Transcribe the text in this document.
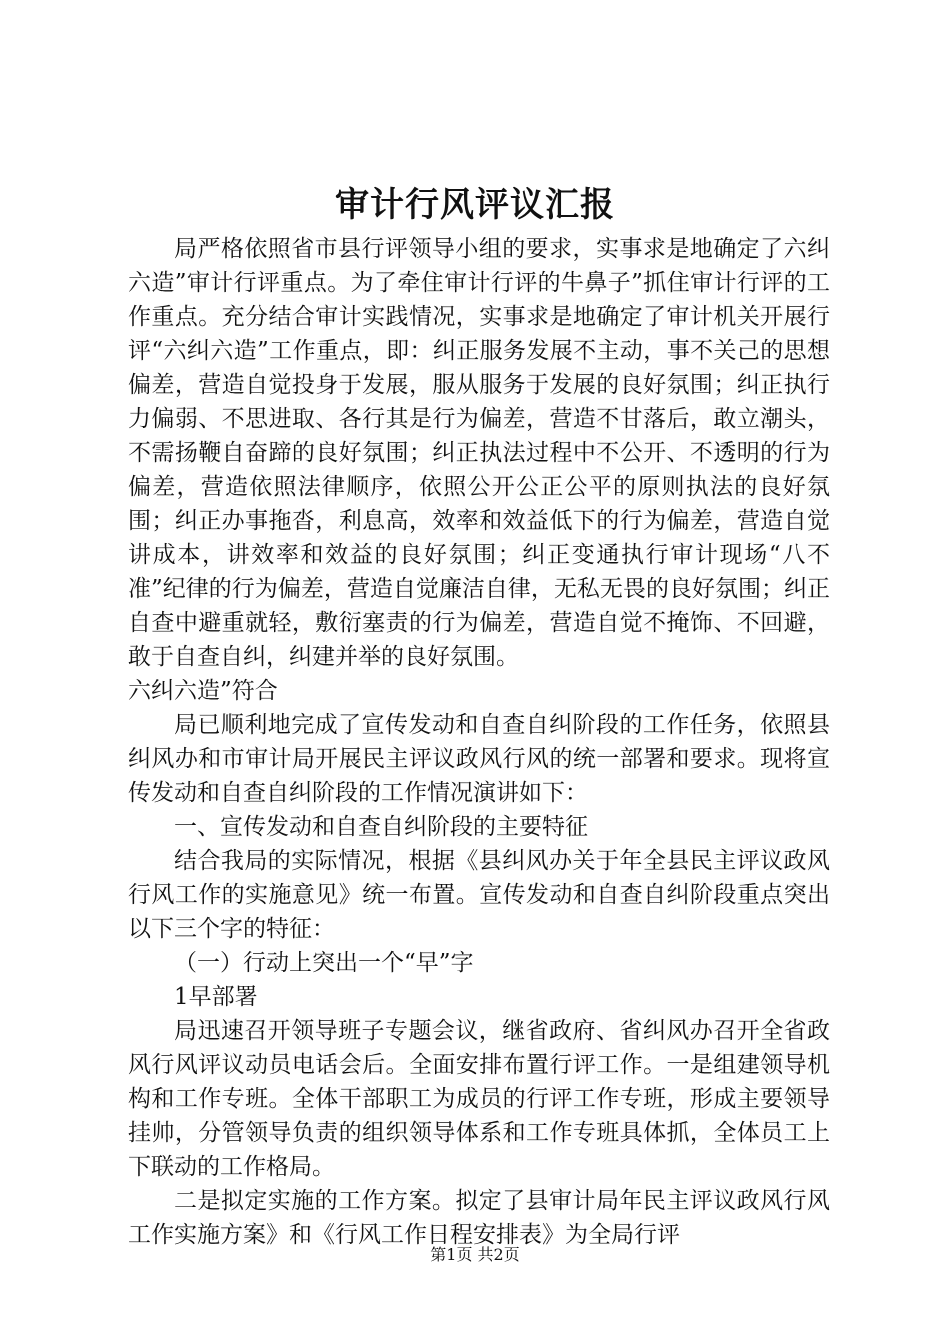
审计行风评议汇报

局严格依照省市县行评领导小组的要求，实事求是地确定了六纠六造”审计行评重点。为了牵住审计行评的牛鼻子”抓住审计行评的工作重点。充分结合审计实践情况，实事求是地确定了审计机关开展行评“六纠六造”工作重点，即：纠正服务发展不主动，事不关己的思想偏差，营造自觉投身于发展，服从服务于发展的良好氛围；纠正执行力偏弱、不思进取、各行其是行为偏差，营造不甘落后，敢立潮头，不需扬鞭自奋蹄的良好氛围；纠正执法过程中不公开、不透明的行为偏差，营造依照法律顺序，依照公开公正公平的原则执法的良好氛围；纠正办事拖沓，利息高，效率和效益低下的行为偏差，营造自觉讲成本，讲效率和效益的良好氛围；纠正变通执行审计现场“八不准”纪律的行为偏差，营造自觉廉洁自律，无私无畏的良好氛围；纠正自查中避重就轻，敷衍塞责的行为偏差，营造自觉不掩饰、不回避，敢于自查自纠，纠建并举的良好氛围。

六纠六造”符合

局已顺利地完成了宣传发动和自查自纠阶段的工作任务，依照县纠风办和市审计局开展民主评议政风行风的统一部署和要求。现将宣传发动和自查自纠阶段的工作情况演讲如下：

一、宣传发动和自查自纠阶段的主要特征

结合我局的实际情况，根据《县纠风办关于年全县民主评议政风行风工作的实施意见》统一布置。宣传发动和自查自纠阶段重点突出以下三个字的特征：

（一）行动上突出一个“早”字

1早部署

局迅速召开领导班子专题会议，继省政府、省纠风办召开全省政风行风评议动员电话会后。全面安排布置行评工作。一是组建领导机构和工作专班。全体干部职工为成员的行评工作专班，形成主要领导挂帅，分管领导负责的组织领导体系和工作专班具体抓，全体员工上下联动的工作格局。

二是拟定实施的工作方案。拟定了县审计局年民主评议政风行风工作实施方案》和《行风工作日程安排表》为全局行评

第1页 共2页
